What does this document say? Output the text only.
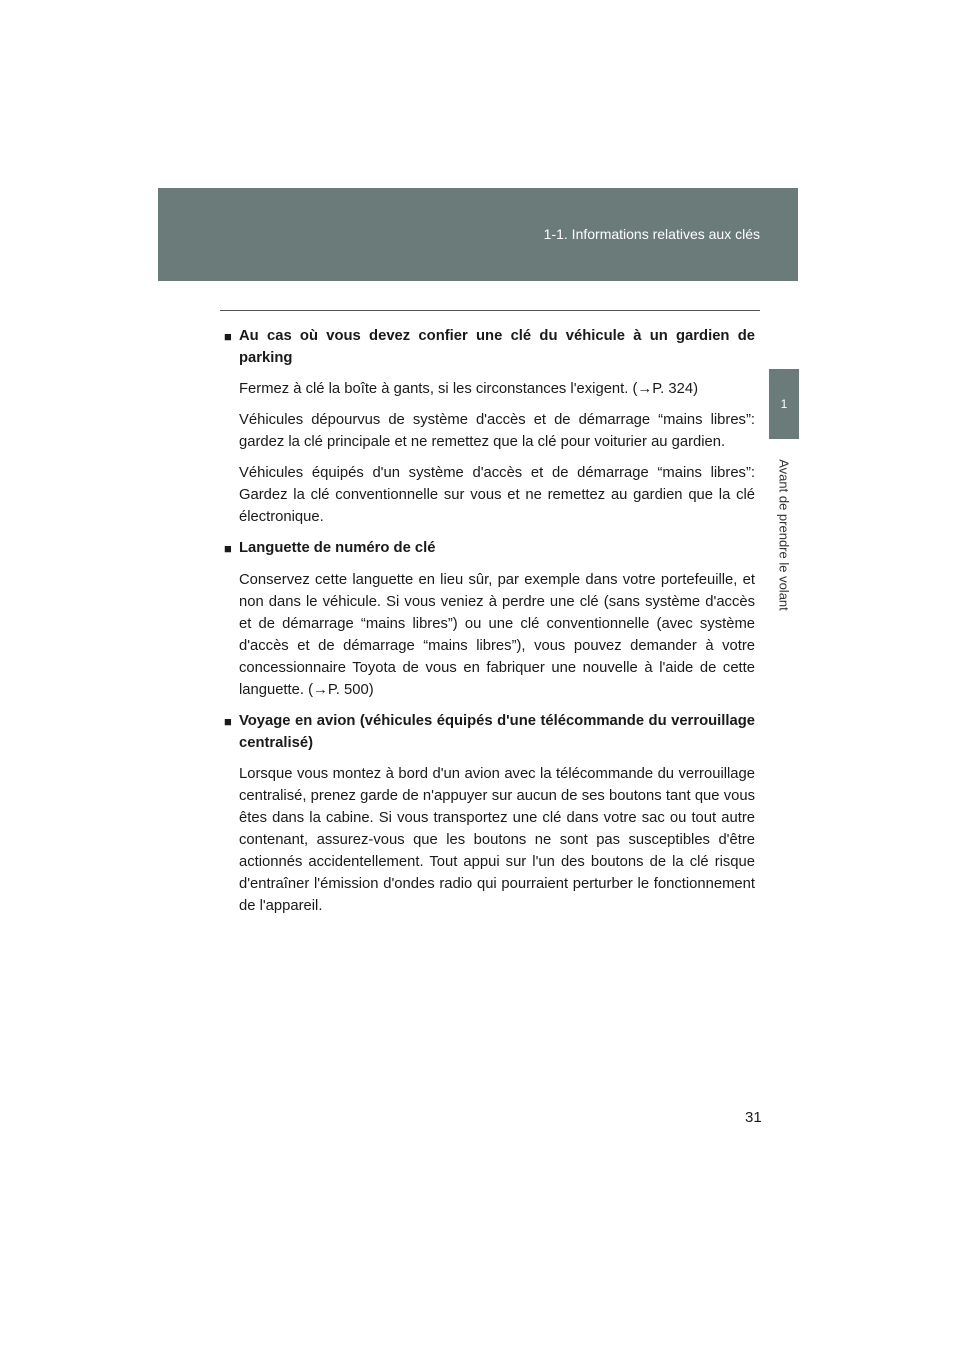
1-1. Informations relatives aux clés
1
Avant de prendre le volant
■ Au cas où vous devez confier une clé du véhicule à un gardien de parking

Fermez à clé la boîte à gants, si les circonstances l'exigent. (→P. 324)

Véhicules dépourvus de système d'accès et de démarrage “mains libres”: gardez la clé principale et ne remettez que la clé pour voiturier au gardien.

Véhicules équipés d'un système d'accès et de démarrage “mains libres”: Gardez la clé conventionnelle sur vous et ne remettez au gardien que la clé électronique.

■ Languette de numéro de clé

Conservez cette languette en lieu sûr, par exemple dans votre portefeuille, et non dans le véhicule. Si vous veniez à perdre une clé (sans système d'accès et de démarrage “mains libres”) ou une clé conventionnelle (avec système d'accès et de démarrage “mains libres”), vous pouvez demander à votre concessionnaire Toyota de vous en fabriquer une nouvelle à l'aide de cette languette. (→P. 500)

■ Voyage en avion (véhicules équipés d'une télécommande du verrouillage centralisé)

Lorsque vous montez à bord d'un avion avec la télécommande du verrouillage centralisé, prenez garde de n'appuyer sur aucun de ses boutons tant que vous êtes dans la cabine. Si vous transportez une clé dans votre sac ou tout autre contenant, assurez-vous que les boutons ne sont pas susceptibles d'être actionnés accidentellement. Tout appui sur l'un des boutons de la clé risque d'entraîner l'émission d'ondes radio qui pourraient perturber le fonctionnement de l'appareil.

31
